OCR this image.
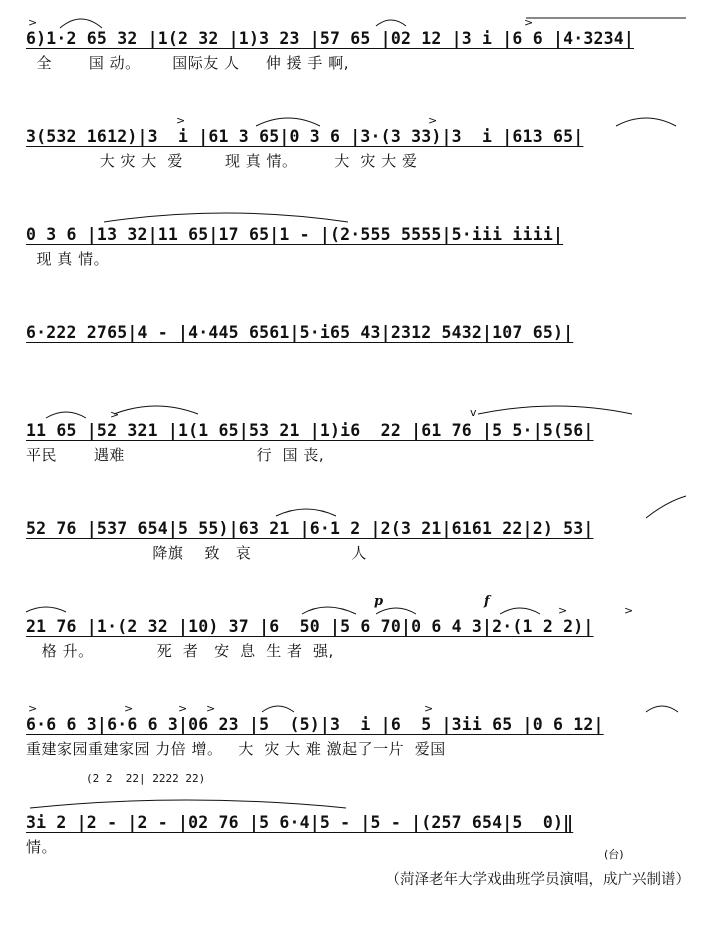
>	>
6)1·2 65 32 |1(2 32 |1)3 23 |57 65 |02 12 |3 i |6 6 |4·3234|
全       国 动。      国际友 人     伸 援 手 啊,
>	>
3(532 1612)|3  i |61 3 65|0 3 6 |3·(3 33)|3  i |613 65|
大 灾 大  爱        现 真 情。       大  灾 大 爱
0 3 6 |13 32|11 65|17 65|1 - |(2·555 5555|5·iii iiii|
现 真 情。
6·222 2765|4 - |4·445 6561|5·i65 43|2312 5432|107 65)|
>	v
11 65 |52 321 |1(1 65|53 21 |1)i6  22 |61 76 |5 5·|5(56|
平民       遇难                         行  国 丧,
52 76 |537 654|5 55)|63 21 |6·1 2 |2(3 21|6161 22|2) 53|
降旗    致   哀                   人
p	f
>	>
21 76 |1·(2 32 |10) 37 |6  50 |5 6 70|0 6 4 3|2·(1 2 2)|
格 升。            死  者   安  息  生 者  强,
>	>	> >	>
6·6 6 3|6·6 6 3|06 23 |5  (5)|3  i |6  5 |3ii 65 |0 6 12|
重建家园重建家园 力倍 增。   大  灾 大 难 激起了一片  爱国
(2 2  22| 2222 22)
3i 2 |2 - |2 - |02 76 |5 6·4|5 - |5 - |(257 654|5  0)‖
情。	(台)
（菏泽老年大学戏曲班学员演唱，成广兴制谱）
